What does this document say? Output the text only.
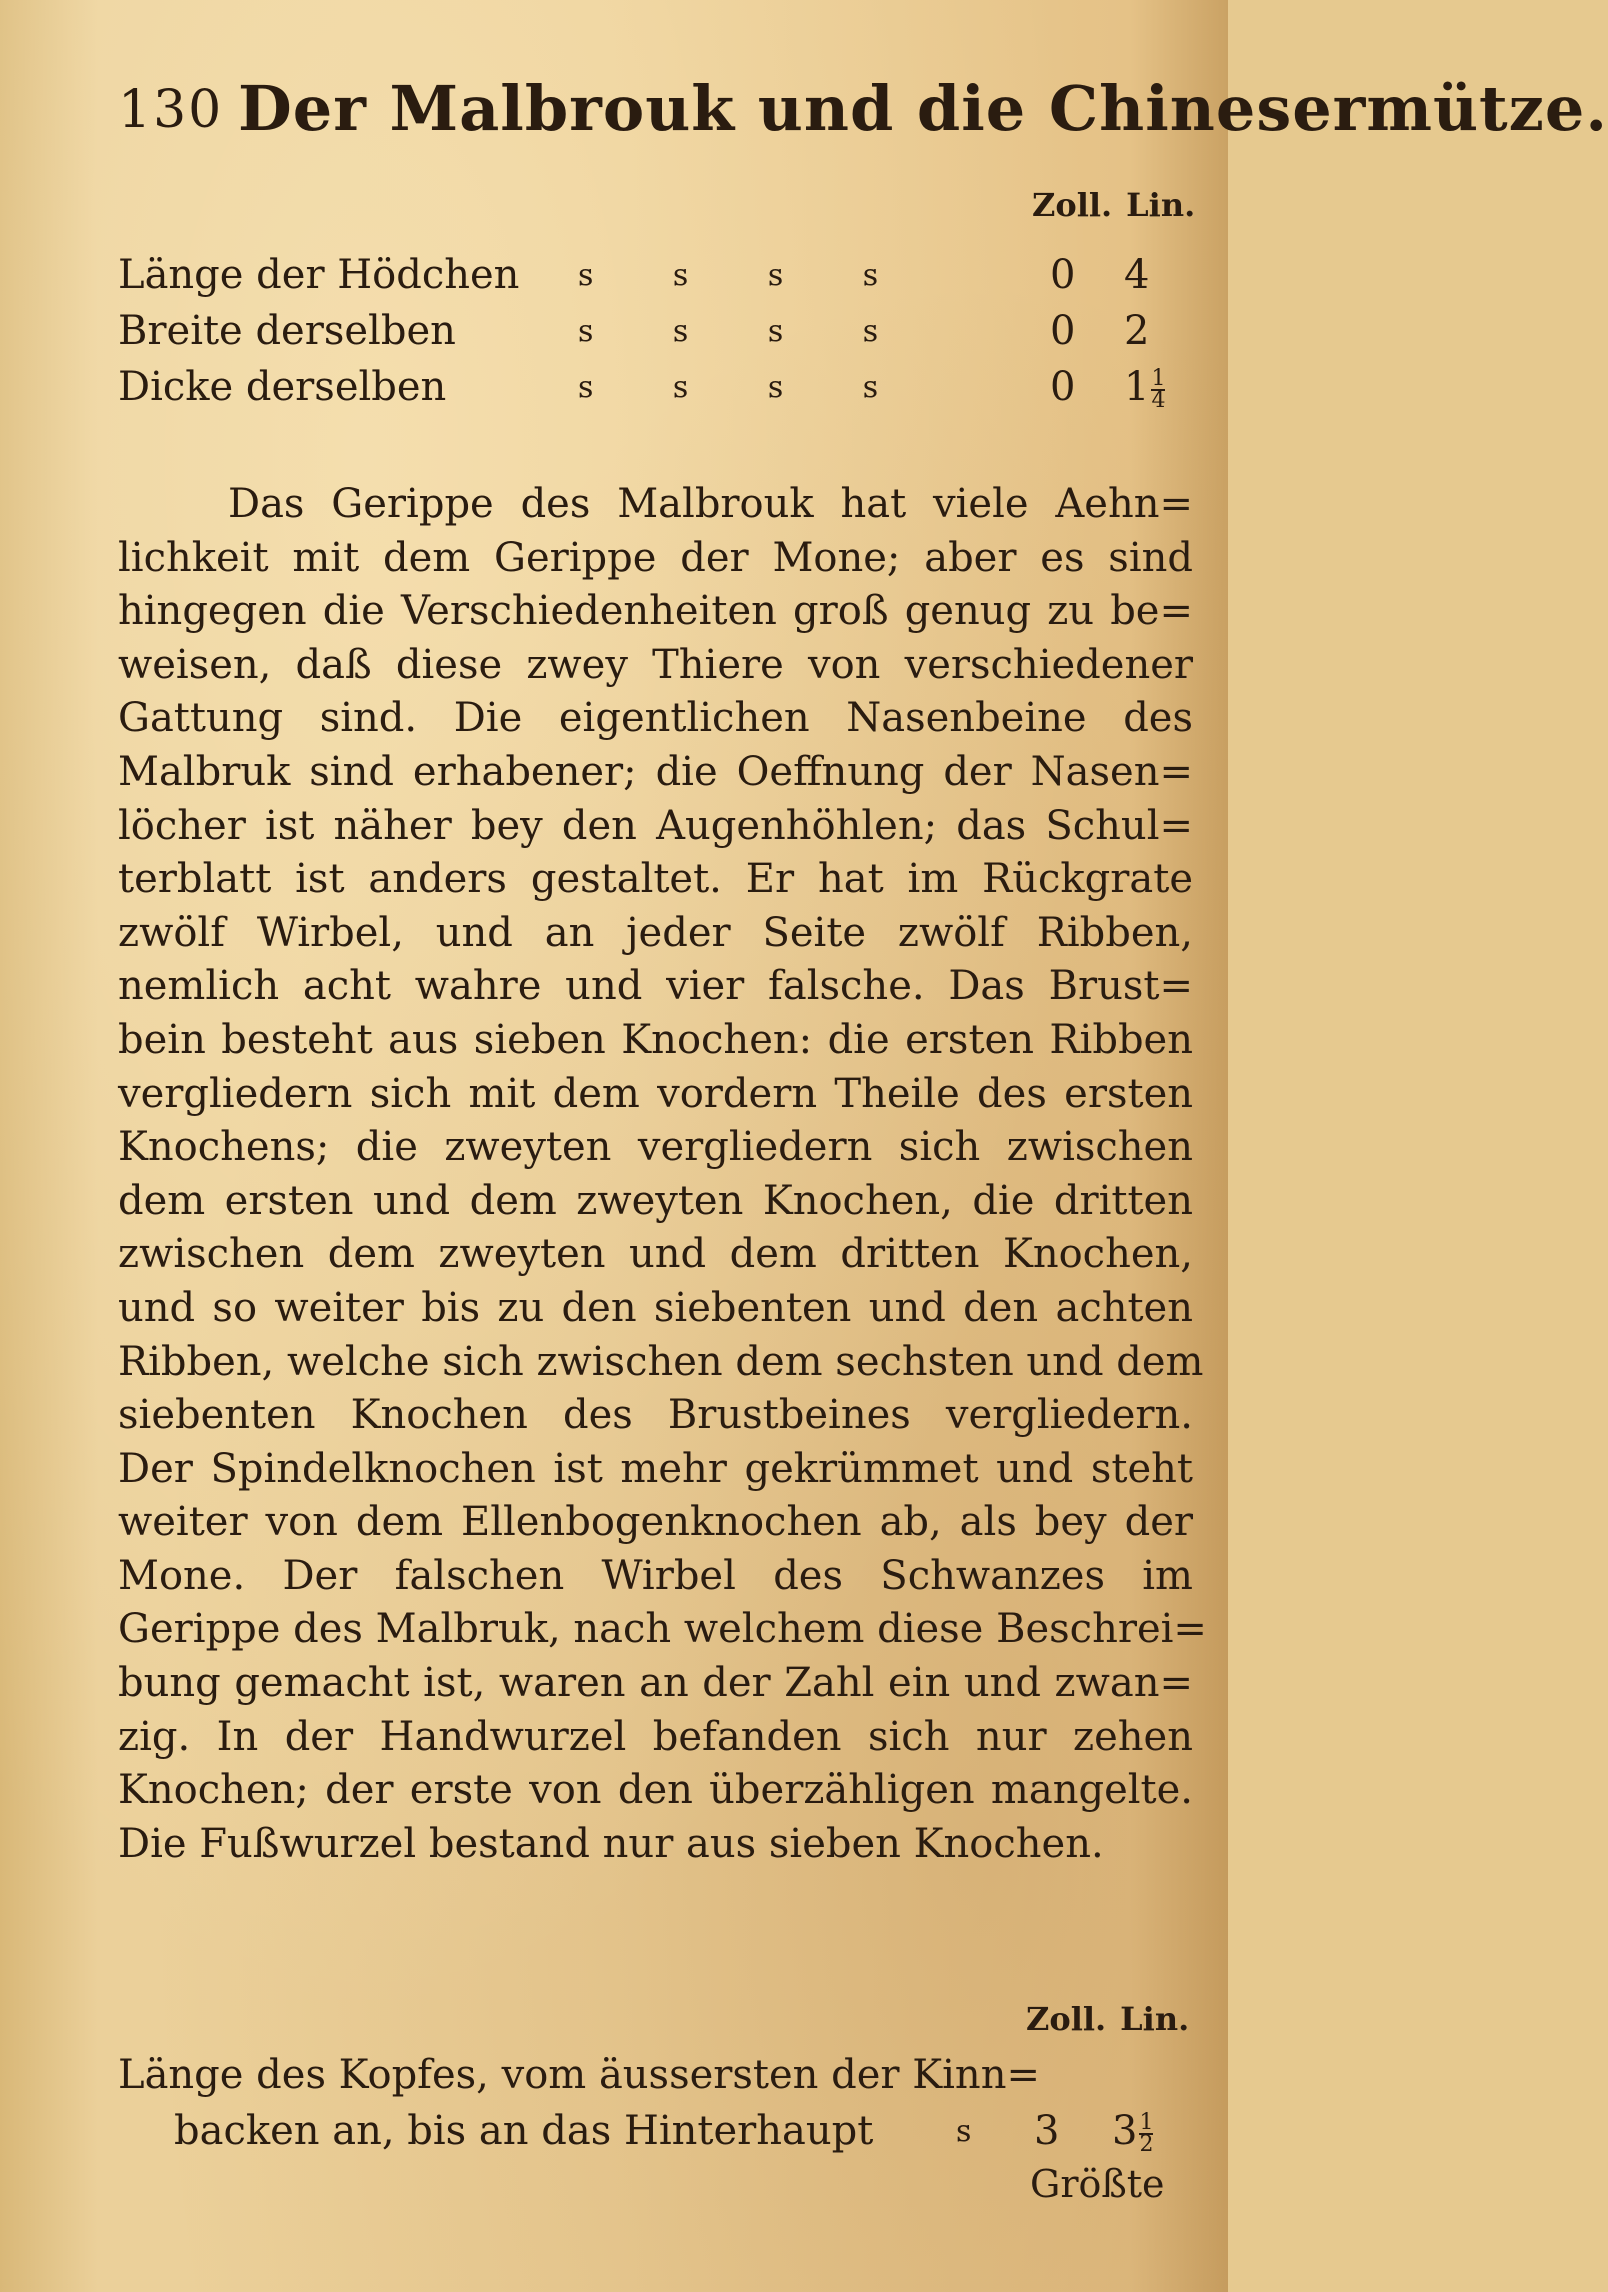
130 Der Malbrouk und die Chinesermütze.
Zoll. Lin.
Länge der Hödchen ꜱ ꜱ ꜱ ꜱ	0 4
Breite derselben	ꜱ ꜱ ꜱ ꜱ	0 2
Dicke derselben	ꜱ ꜱ ꜱ ꜱ	0 $1 \frac{1}{4}$
Das Gerippe des Malbrouk hat viele Aehn=
lichkeit mit dem Gerippe der Mone; aber es sind
hingegen die Verschiedenheiten groß genug zu be=
weisen, daß diese zwey Thiere von verschiedener
Gattung sind. Die eigentlichen Nasenbeine des
Malbruk sind erhabener; die Oeffnung der Nasen=
löcher ist näher bey den Augenhöhlen; das Schul=
terblatt ist anders gestaltet. Er hat im Rückgrate
zwölf Wirbel, und an jeder Seite zwölf Ribben,
nemlich acht wahre und vier falsche. Das Brust=
bein besteht aus sieben Knochen: die ersten Ribben
vergliedern sich mit dem vordern Theile des ersten
Knochens; die zweyten vergliedern sich zwischen
dem ersten und dem zweyten Knochen, die dritten
zwischen dem zweyten und dem dritten Knochen,
und so weiter bis zu den siebenten und den achten
Ribben, welche sich zwischen dem sechsten und dem
siebenten Knochen des Brustbeines vergliedern.
Der Spindelknochen ist mehr gekrümmet und steht
weiter von dem Ellenbogenknochen ab, als bey der
Mone. Der falschen Wirbel des Schwanzes im
Gerippe des Malbruk, nach welchem diese Beschrei=
bung gemacht ist, waren an der Zahl ein und zwan=
zig. In der Handwurzel befanden sich nur zehen
Knochen; der erste von den überzähligen mangelte.
Die Fußwurzel bestand nur aus sieben Knochen.
Zoll. Lin.
Länge des Kopfes, vom äussersten der Kinn=
backen an, bis an das Hinterhaupt	ꜱ 3 $3 \frac{1}{2}$
Größte
